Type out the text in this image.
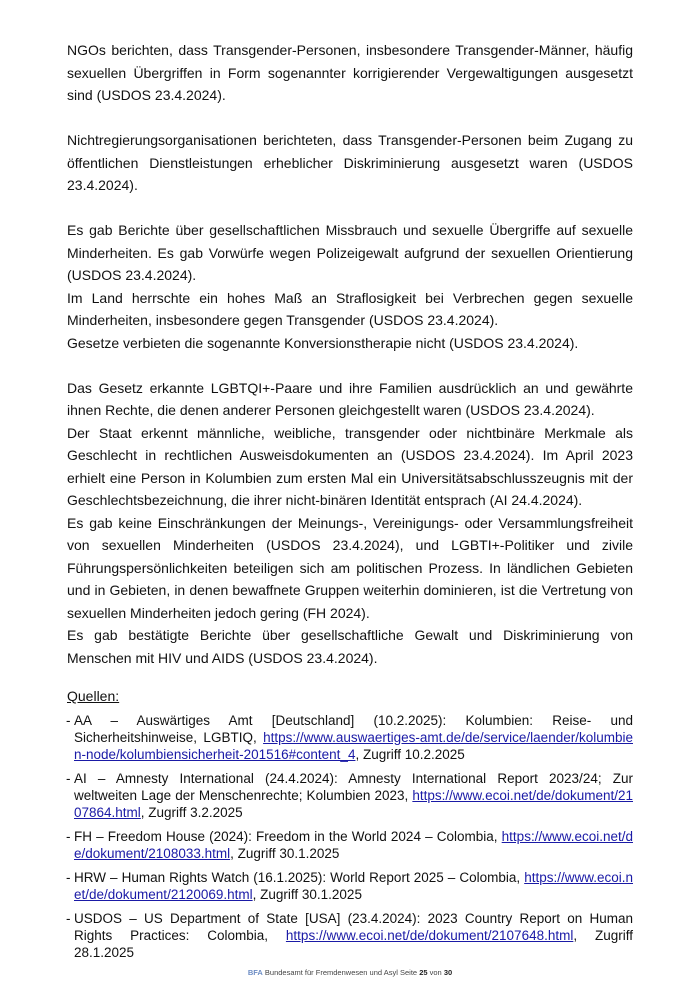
NGOs berichten, dass Transgender-Personen, insbesondere Transgender-Männer, häufig sexuellen Übergriffen in Form sogenannter korrigierender Vergewaltigungen ausgesetzt sind (USDOS 23.4.2024).

Nichtregierungsorganisationen berichteten, dass Transgender-Personen beim Zugang zu öffentlichen Dienstleistungen erheblicher Diskriminierung ausgesetzt waren (USDOS 23.4.2024).

Es gab Berichte über gesellschaftlichen Missbrauch und sexuelle Übergriffe auf sexuelle Minderheiten. Es gab Vorwürfe wegen Polizeigewalt aufgrund der sexuellen Orientierung (USDOS 23.4.2024).

Im Land herrschte ein hohes Maß an Straflosigkeit bei Verbrechen gegen sexuelle Minderheiten, insbesondere gegen Transgender (USDOS 23.4.2024).

Gesetze verbieten die sogenannte Konversionstherapie nicht (USDOS 23.4.2024).

Das Gesetz erkannte LGBTQI+-Paare und ihre Familien ausdrücklich an und gewährte ihnen Rechte, die denen anderer Personen gleichgestellt waren (USDOS 23.4.2024).

Der Staat erkennt männliche, weibliche, transgender oder nichtbinäre Merkmale als Geschlecht in rechtlichen Ausweisdokumenten an (USDOS 23.4.2024). Im April 2023 erhielt eine Person in Kolumbien zum ersten Mal ein Universitätsabschlusszeugnis mit der Geschlechtsbezeichnung, die ihrer nicht-binären Identität entsprach (AI 24.4.2024).

Es gab keine Einschränkungen der Meinungs-, Vereinigungs- oder Versammlungsfreiheit von sexuellen Minderheiten (USDOS 23.4.2024), und LGBTI+-Politiker und zivile Führungspersönlichkeiten beteiligen sich am politischen Prozess. In ländlichen Gebieten und in Gebieten, in denen bewaffnete Gruppen weiterhin dominieren, ist die Vertretung von sexuellen Minderheiten jedoch gering (FH 2024).

Es gab bestätigte Berichte über gesellschaftliche Gewalt und Diskriminierung von Menschen mit HIV und AIDS (USDOS 23.4.2024).

Quellen:

- AA – Auswärtiges Amt [Deutschland] (10.2.2025): Kolumbien: Reise- und Sicherheitshinweise, LGBTIQ, https://www.auswaertiges-amt.de/de/service/laender/kolumbien-node/kolumbiensicherheit-201516#content_4, Zugriff 10.2.2025
- AI – Amnesty International (24.4.2024): Amnesty International Report 2023/24; Zur weltweiten Lage der Menschenrechte; Kolumbien 2023, https://www.ecoi.net/de/dokument/2107864.html, Zugriff 3.2.2025
- FH – Freedom House (2024): Freedom in the World 2024 – Colombia, https://www.ecoi.net/de/dokument/2108033.html, Zugriff 30.1.2025
- HRW – Human Rights Watch (16.1.2025): World Report 2025 – Colombia, https://www.ecoi.net/de/dokument/2120069.html, Zugriff 30.1.2025
- USDOS – US Department of State [USA] (23.4.2024): 2023 Country Report on Human Rights Practices: Colombia, https://www.ecoi.net/de/dokument/2107648.html, Zugriff 28.1.2025
BFA Bundesamt für Fremdenwesen und Asyl Seite 25 von 30
